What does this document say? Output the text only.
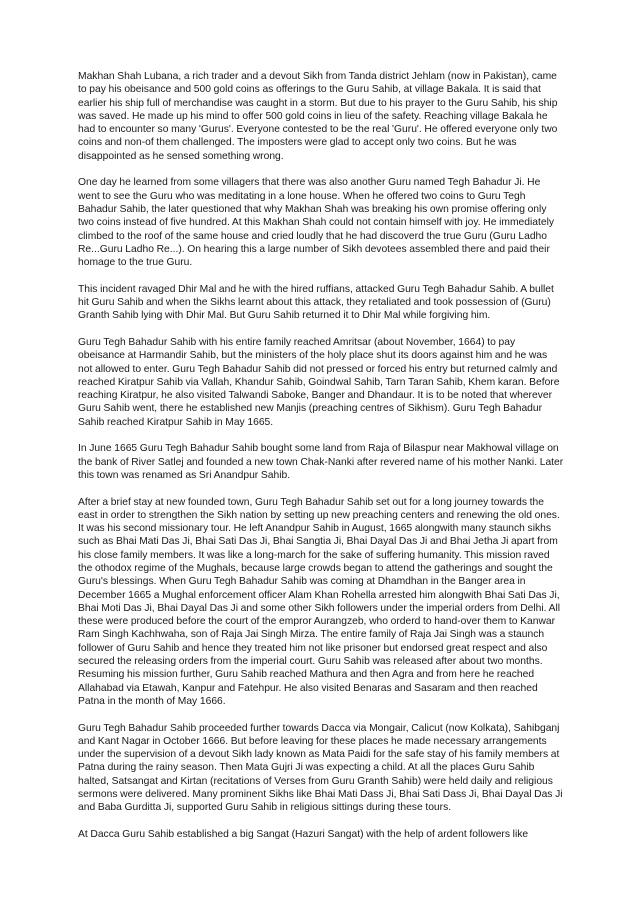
Makhan Shah Lubana, a rich trader and a devout Sikh from Tanda district Jehlam (now in Pakistan), came to pay his obeisance and 500 gold coins as offerings to the Guru Sahib, at village Bakala. It is said that earlier his ship full of merchandise was caught in a storm. But due to his prayer to the Guru Sahib, his ship was saved. He made up his mind to offer 500 gold coins in lieu of the safety. Reaching village Bakala he had to encounter so many 'Gurus'. Everyone contested to be the real 'Guru'. He offered everyone only two coins and non-of them challenged. The imposters were glad to accept only two coins. But he was disappointed as he sensed something wrong.

One day he learned from some villagers that there was also another Guru named Tegh Bahadur Ji. He went to see the Guru who was meditating in a lone house. When he offered two coins to Guru Tegh Bahadur Sahib, the later questioned that why Makhan Shah was breaking his own promise offering only two coins instead of five hundred. At this Makhan Shah could not contain himself with joy. He immediately climbed to the roof of the same house and cried loudly that he had discoverd the true Guru (Guru Ladho Re...Guru Ladho Re...). On hearing this a large number of Sikh devotees assembled there and paid their homage to the true Guru.

This incident ravaged Dhir Mal and he with the hired ruffians, attacked Guru Tegh Bahadur Sahib. A bullet hit Guru Sahib and when the Sikhs learnt about this attack, they retaliated and took possession of (Guru) Granth Sahib lying with Dhir Mal. But Guru Sahib returned it to Dhir Mal while forgiving him.

Guru Tegh Bahadur Sahib with his entire family reached Amritsar (about November, 1664) to pay obeisance at Harmandir Sahib, but the ministers of the holy place shut its doors against him and he was not allowed to enter. Guru Tegh Bahadur Sahib did not pressed or forced his entry but returned calmly and reached Kiratpur Sahib via Vallah, Khandur Sahib, Goindwal Sahib, Tarn Taran Sahib, Khem karan. Before reaching Kiratpur, he also visited Talwandi Saboke, Banger and Dhandaur. It is to be noted that wherever Guru Sahib went, there he established new Manjis (preaching centres of Sikhism). Guru Tegh Bahadur Sahib reached Kiratpur Sahib in May 1665.

In June 1665 Guru Tegh Bahadur Sahib bought some land from Raja of Bilaspur near Makhowal village on the bank of River Satlej and founded a new town Chak-Nanki after revered name of his mother Nanki. Later this town was renamed as Sri Anandpur Sahib.

After a brief stay at new founded town, Guru Tegh Bahadur Sahib set out for a long journey towards the east in order to strengthen the Sikh nation by setting up new preaching centers and renewing the old ones. It was his second missionary tour. He left Anandpur Sahib in August, 1665 alongwith many staunch sikhs such as Bhai Mati Das Ji, Bhai Sati Das Ji, Bhai Sangtia Ji, Bhai Dayal Das Ji and Bhai Jetha Ji apart from his close family members. It was like a long-march for the sake of suffering humanity. This mission raved the othodox regime of the Mughals, because large crowds began to attend the gatherings and sought the Guru's blessings. When Guru Tegh Bahadur Sahib was coming at Dhamdhan in the Banger area in December 1665 a Mughal enforcement officer Alam Khan Rohella arrested him alongwith Bhai Sati Das Ji, Bhai Moti Das Ji, Bhai Dayal Das Ji and some other Sikh followers under the imperial orders from Delhi. All these were produced before the court of the empror Aurangzeb, who orderd to hand-over them to Kanwar Ram Singh Kachhwaha, son of Raja Jai Singh Mirza. The entire family of Raja Jai Singh was a staunch follower of Guru Sahib and hence they treated him not like prisoner but endorsed great respect and also secured the releasing orders from the imperial court. Guru Sahib was released after about two months. Resuming his mission further, Guru Sahib reached Mathura and then Agra and from here he reached Allahabad via Etawah, Kanpur and Fatehpur. He also visited Benaras and Sasaram and then reached Patna in the month of May 1666.

Guru Tegh Bahadur Sahib proceeded further towards Dacca via Mongair, Calicut (now Kolkata), Sahibganj and Kant Nagar in October 1666. But before leaving for these places he made necessary arrangements under the supervision of a devout Sikh lady known as Mata Paidi for the safe stay of his family members at Patna during the rainy season. Then Mata Gujri Ji was expecting a child. At all the places Guru Sahib halted, Satsangat and Kirtan (recitations of Verses from Guru Granth Sahib) were held daily and religious sermons were delivered. Many prominent Sikhs like Bhai Mati Dass Ji, Bhai Sati Dass Ji, Bhai Dayal Das Ji and Baba Gurditta Ji, supported Guru Sahib in religious sittings during these tours.

At Dacca Guru Sahib established a big Sangat (Hazuri Sangat) with the help of ardent followers like
